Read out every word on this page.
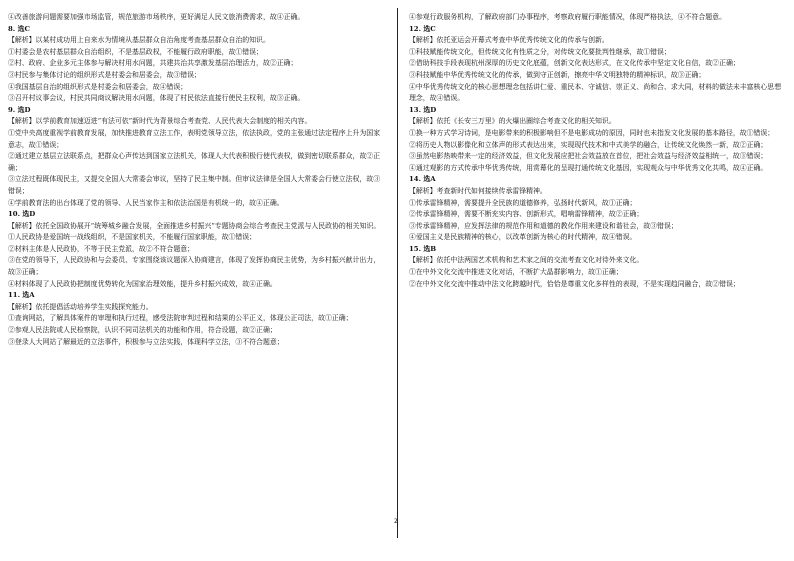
④改善旅游问题需要加强市场监管，规范旅游市场秩序，更好满足人民文旅消费需求，故④正确。
8. 选C
【解析】以某村成功用上自来水为情境从基层群众自治角度考查基层群众自治的知识。
①村委会是农村基层群众自治组织，不是基层政权，不能履行政府职能，故①错误；
②村、政府、企业多元主体参与解决村用水问题，共建共治共享激发基层治理活力，故②正确；
③村民参与集体讨论的组织形式是村委会和居委会，故③错误；
④我国基层自治的组织形式是村委会和居委会，故④错误；
③召开村议事会议，村民共同商议解决用水问题，体现了村民依法直接行使民主权利，故③正确。
9. 选D
【解析】以学前教育加速迈进“有法可依”新时代为背景综合考查党、人民代表大会制度的相关内容。
①党中央高度重视学前教育发展，加快推进教育立法工作，表明党领导立法，依法执政，党的主张通过法定程序上升为国家意志，故①错误；
②通过建立基层立法联系点，把群众心声传达到国家立法机关，体现人大代表积极行使代表权，做到密切联系群众，故②正确；
③立法过程既体现民主，又提交全国人大常委会审议，坚持了民主集中制。但审议法律是全国人大常委会行使立法权，故③错误；
④学前教育法的出台体现了党的领导、人民当家作主和依法治国是有机统一的，故④正确。
10. 选D
【解析】依托全国政协展开“统筹城乡融合发展，全面推进乡村振兴”专题协商会综合考查民主党派与人民政协的相关知识。
①人民政协是爱国统一战线组织，不是国家机关，不能履行国家职能，故①错误；
②材料主体是人民政协，不等于民主党派，故②不符合题意；
③在党的领导下，人民政协和与会委员、专家围绕该议题深入协商建言，体现了发挥协商民主优势，为乡村振兴献计出力，故③正确；
④材料体现了人民政协把制度优势转化为国家治理效能，提升乡村振兴成效，故④正确。
11. 选A
【解析】依托提倡活动培养学生实践探究能力。
①查询网站，了解具体案件的审理和执行过程，感受法院审判过程和结果的公平正义，体现公正司法，故①正确；
②参观人民法院或人民检察院，认识不同司法机关的功能和作用，符合设题，故②正确；
③登录人大网站了解最近的立法事件，积极参与立法实践，体现科学立法，③不符合题意；
④参观行政服务机构，了解政府部门办事程序，考察政府履行职能情况，体现严格执法，④不符合题意。
12. 选C
【解析】依托亚运会开幕式考查中华优秀传统文化的传承与创新。
①科技赋能传统文化，但传统文化有性质之分，对传统文化要批判性继承，故①错误；
②借助科技手段表现杭州深厚的历史文化底蕴，创新文化表达形式，在文化传承中坚定文化自信，故②正确；
③科技赋能中华优秀传统文化的传承，做到守正创新，擦亮中华文明独特的精神标识，故③正确；
④中华优秀传统文化的核心思想理念包括讲仁爱、重民本、守诚信、崇正义、尚和合、求大同，材料的做法未丰富核心思想理念，故④错误。
13. 选D
【解析】依托《长安三万里》的火爆出圈综合考查文化的相关知识。
①换一种方式学习诗词，是电影带来的积极影响但不是电影成功的原因，同时也未指发文化发展的基本路径，故①错误；
②将历史人物以影像化和立体声的形式表达出来，实现现代技术和中式美学的融合，让传统文化焕然一新，故②正确；
③虽然电影热映带来一定的经济效益，但文化发展应把社会效益放在首位，把社会效益与经济效益相统一，故③错误；
④通过观影的方式传承中华优秀传统，用赏幕化的呈现打通传统文化基因，实现观众与中华优秀文化共鸣，故④正确。
14. 选A
【解析】考查新时代如何接续传承雷锋精神。
①传承雷锋精神，需要提升全民族的道德修养，弘扬时代新风，故①正确；
②传承雷锋精神，需要不断充实内容、创新形式，唱响雷锋精神，故②正确；
③传承雷锋精神，应发挥法律的规范作用和道德的教化作用来建设和谐社会，故③错误；
④爱国主义是民族精神的核心，以改革创新为核心的时代精神，故④错误。
15. 选B
【解析】依托中法两国艺术机构和艺术家之间的交流考查文化对待外来文化。
①在中外文化交流中推进文化对话，不断扩大晶群影响力，故①正确；
②在中外文化交流中推动中法文化跨越时代，恰恰是尊重文化多样性的表现，不是实现趋同融合，故②错误；
2
